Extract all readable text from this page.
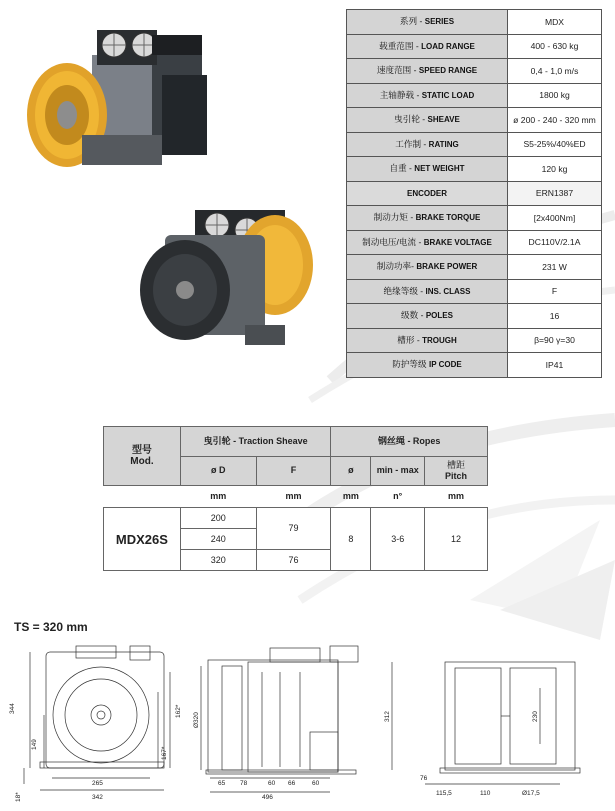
系列 - SERIES	MDX
载重范围 - LOAD RANGE	400 - 630 kg
速度范围 - SPEED RANGE	0,4 - 1,0 m/s
主轴静载 - STATIC LOAD	1800 kg
曳引轮 - SHEAVE	ø 200 - 240 - 320 mm
工作制 - RATING	S5-25%/40%ED
自重 - NET WEIGHT	120 kg
ENCODER	ERN1387
制动力矩 - BRAKE TORQUE	[2x400Nm]
制动电压/电流 - BRAKE VOLTAGE	DC110V/2.1A
制动功率- BRAKE POWER	231 W
绝缘等级 - INS. CLASS	F
级数 - POLES	16
槽形 - TROUGH	β=90 γ=30
防护等级 IP CODE	IP41
型号
Mod.	曳引轮 - Traction Sheave		钢丝绳 - Ropes		
	ø D	F	ø	min - max	槽距
Pitch

	mm	mm	mm	n°	mm
MDX26S	200	79	8	3-6	12
	240				
	320	76			
TS = 320 mm
344
149
162*
167*
265
342
18*
Ø320
65 78	60 66	60
496
312	230
76
115,5	110	Ø17,5
